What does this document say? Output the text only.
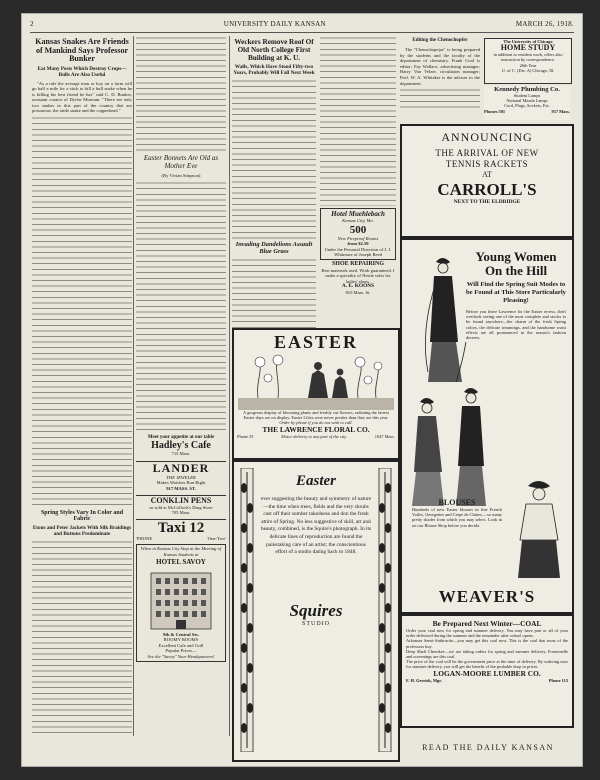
2	UNIVERSITY DAILY KANSAN	MARCH 26, 1918.
Kansas Snakes Are Friends of Mankind Says Professor Bunker
Eat Many Pests Which Destroy Crops—Bulls Are Also Useful

"As a rule the average man or boy on a farm will go half a mile for a stick to kill a bull snake when he is killing his best friend he has" said C. D. Bunker, assistant curator of Dyche Museum. "There are only two snakes in this part of the country that are poisonous, the rattle snake and the copperhead."

Spring Styles Vary In Color and Fabric
Etons and Peter Jackets With Silk Braidings and Buttons Predominate
Easter Bonnets Are Old as Mother Eve
(By Vivian Simpson)
Meet your appetite at our table
Hadley's Cafe
715 Mass.
LANDER
THE JEWELER
Makes Watches Run Right
917 MASS. ST.
CONKLIN PENS
as sold at McColloch's Drug Store
705 Mass.
Taxi 12
'PHONE	'One-Two'
When in Kansas City Stop at the Meeting of Kansas Students at
HOTEL SAVOY
9th & Central Sts.
ROOMY ROOMS
Excellent Cafe and Grill
Popular Prices—
See the "Savoy" Your Headquarters!
Weckers Remove Roof Of Old North College First Building at K. U.
Walls, Which Have Stood Fifty-two Years, Probably Will Fall Next Week
Invading Dandelions Assault Blue Grass
Hotel Muehlebach
Kansas City, Mo.
500
New Fireproof Rooms
from $2.50
Under the Personal Direction of J. J. Whitmore of Joseph Reed
SHOE REPAIRING
Best materials used. Work guaranteed. I make a specialty of Nestle soles for ladies' shoes.
A. E. KOONS
810 Mass. St.
Editing the Chenochopfer

The "Chenachopejas" is being prepared by the students and the faculty of the department of chemistry. Frank Cool is editor; Fay Wallace, advertising manager; Harry Van Velzer, circulation manager; Prof. W. A. Whitaker is the adviser in the department.

The University of Chicago
HOME STUDY
in addition to resident work, offers also instruction by correspondence.
26th Year
U. of C. (Div. A) Chicago, Ill.
Kennedy Plumbing Co.
Student Lamps
National Mazda Lamps
Cord, Plugs, Sockets, Etc.
Phones 501	937 Mass.
ANNOUNCING
THE ARRIVAL OF NEW
TENNIS RACKETS
AT
CARROLL'S
NEXT TO THE ELDRIDGE
EASTER
A gorgeous display of blooming plants and freshly cut flowers, radiating the fairest Easter days are on display. Easter Lilies were never prettier than they are this year.
Order by phone if you do not wish to call.
THE LAWRENCE FLORAL CO.
Phone 35	Motor delivery to any part of the city.	1047 Mass.
Young Women On the Hill
Will Find the Spring Suit Modes to be Found at This Store Particularly Pleasing!
Before you leave Lawrence for the Easter recess, don't overlook seeing one of the most complete and stocks to be found anywhere—the charm of the fresh Spring colors, the delicate trimmings, and the handsome waist effects are all pronounced in the season's fashion decrees.
BLOUSES
Hundreds of new Easter blouses in fine French Voiles, Georgettes and Crepe de Chines,—so many pretty shades from which you may select. Look in on our Blouse Shop before you decide.
WEAVER'S
Easter
ever suggesting the beauty and symmetry of nature—the time when trees, fields and the very shrubs cast off their somber takedness and don the fresh attire of Spring. No less suggestive of skill, art and beauty, combined, is the Squire's photograph. In its delicate lines of reproduction are found the painstaking care of an artist; the conscientious effort of a studio dating back to 1848.
Squires
STUDIO	Be Prepared Next Winter—COAL
Order your coal now for spring and summer delivery. You may have part or all of your order delivered during the summer and the remainder after school opens.
Arkansas Semi-Anthracite—you may get this coal now. This is the coal that most of the professors buy.
Deep Shaft Cherokee—we are taking orders for spring and summer delivery. Frontenelle and screenings are this coal.
The price of the coal will be the government price at the time of delivery. By ordering now for summer delivery, you will get the benefit of the probable drop in prices.
LOGAN-MOORE LUMBER CO.
F. H. Gerrish, Mgr.	Phone 113
READ THE DAILY KANSAN
